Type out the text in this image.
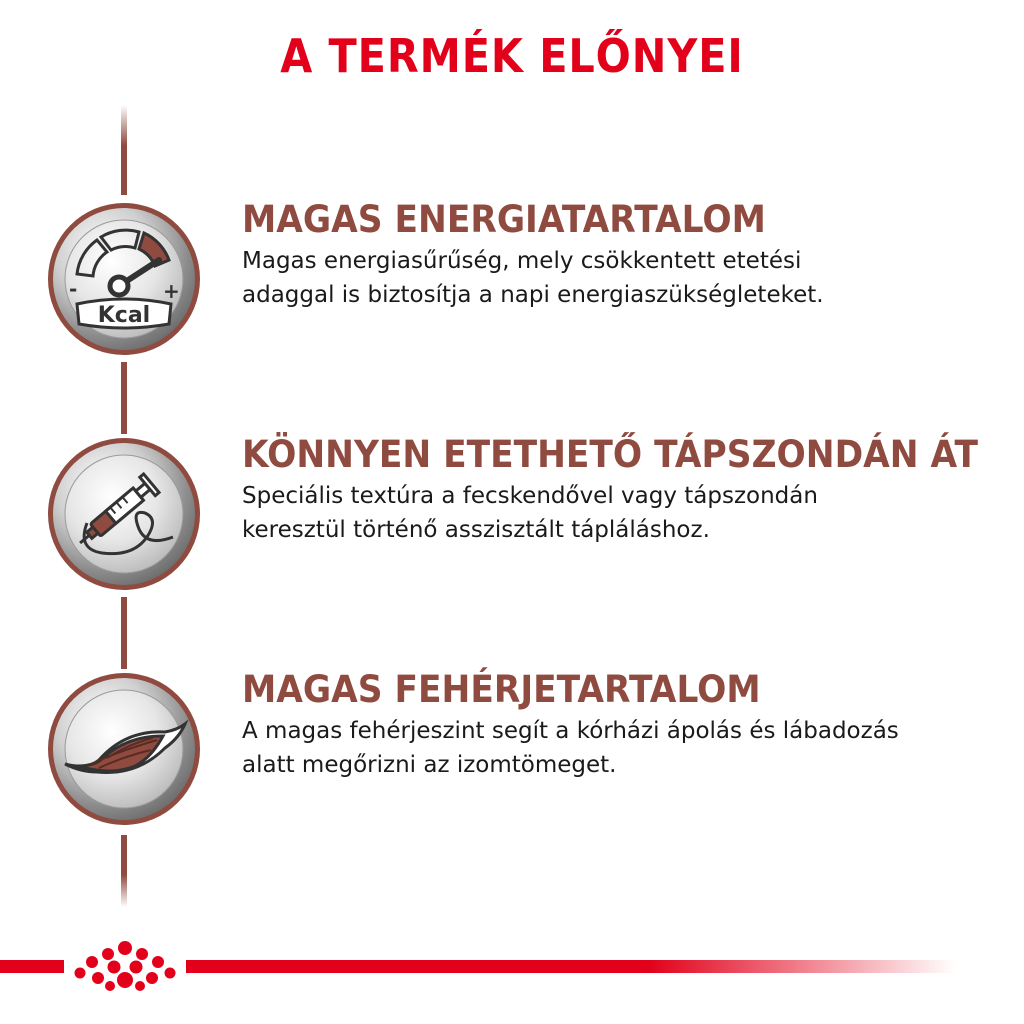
A TERMÉK ELŐNYEI
-	+
Kcal
MAGAS ENERGIATARTALOM
Magas energiasűrűség, mely csökkentett etetési
adaggal is biztosítja a napi energiaszükségleteket.
KÖNNYEN ETETHETŐ TÁPSZONDÁN ÁT
Speciális textúra a fecskendővel vagy tápszondán
keresztül történő asszisztált tápláláshoz.
MAGAS FEHÉRJETARTALOM
A magas fehérjeszint segít a kórházi ápolás és lábadozás
alatt megőrizni az izomtömeget.
